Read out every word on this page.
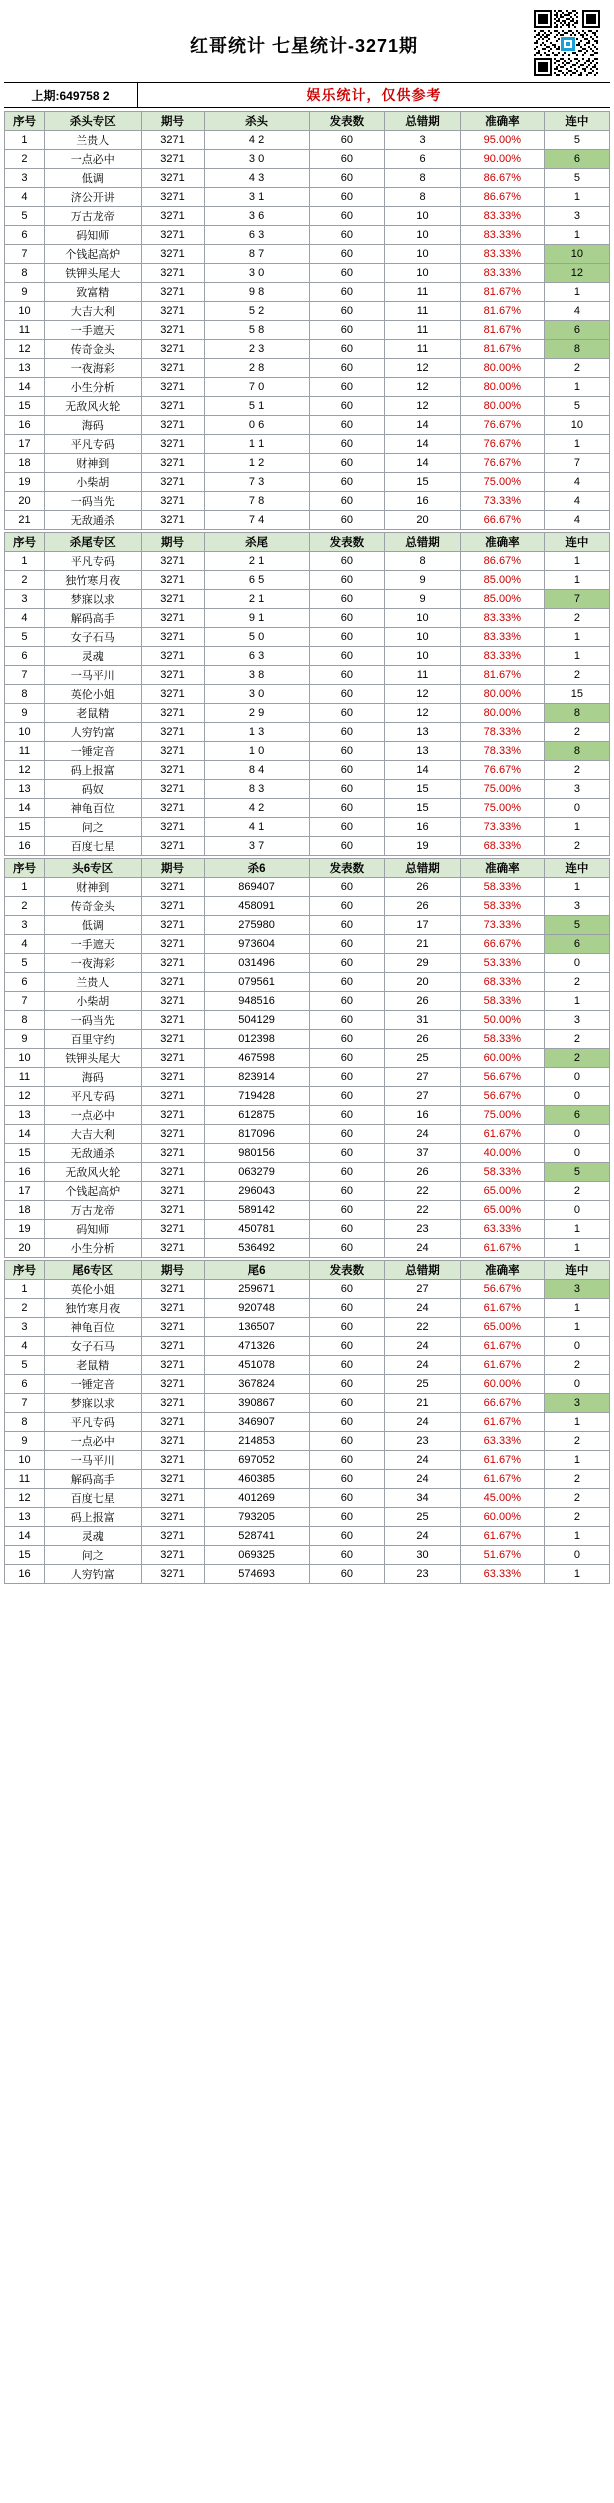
红哥统计 七星统计-3271期
上期:649758 2	娱乐统计，仅供参考
序号	杀头专区	期号	杀头	发表数	总错期	准确率	连中
1	兰贵人	3271	4 2	60	3	95.00%	5
2	一点必中	3271	3 0	60	6	90.00%	6
3	低调	3271	4 3	60	8	86.67%	5
4	济公开讲	3271	3 1	60	8	86.67%	1
5	万古龙帝	3271	3 6	60	10	83.33%	3
6	码知师	3271	6 3	60	10	83.33%	1
7	个钱起高炉	3271	8 7	60	10	83.33%	10
8	铁钾头尾大	3271	3 0	60	10	83.33%	12
9	致富精	3271	9 8	60	11	81.67%	1
10	大吉大利	3271	5 2	60	11	81.67%	4
11	一手遮天	3271	5 8	60	11	81.67%	6
12	传奇金头	3271	2 3	60	11	81.67%	8
13	一夜海彩	3271	2 8	60	12	80.00%	2
14	小生分析	3271	7 0	60	12	80.00%	1
15	无敌风火轮	3271	5 1	60	12	80.00%	5
16	海码	3271	0 6	60	14	76.67%	10
17	平凡专码	3271	1 1	60	14	76.67%	1
18	财神到	3271	1 2	60	14	76.67%	7
19	小柴胡	3271	7 3	60	15	75.00%	4
20	一码当先	3271	7 8	60	16	73.33%	4
21	无敌通杀	3271	7 4	60	20	66.67%	4
序号	杀尾专区	期号	杀尾	发表数	总错期	准确率	连中
1	平凡专码	3271	2 1	60	8	86.67%	1
2	独竹寒月夜	3271	6 5	60	9	85.00%	1
3	梦寐以求	3271	2 1	60	9	85.00%	7
4	解码高手	3271	9 1	60	10	83.33%	2
5	女子石马	3271	5 0	60	10	83.33%	1
6	灵魂	3271	6 3	60	10	83.33%	1
7	一马平川	3271	3 8	60	11	81.67%	2
8	英伦小姐	3271	3 0	60	12	80.00%	15
9	老鼠精	3271	2 9	60	12	80.00%	8
10	人穷钓富	3271	1 3	60	13	78.33%	2
11	一锤定音	3271	1 0	60	13	78.33%	8
12	码上报富	3271	8 4	60	14	76.67%	2
13	码奴	3271	8 3	60	15	75.00%	3
14	神龟百位	3271	4 2	60	15	75.00%	0
15	问之	3271	4 1	60	16	73.33%	1
16	百度七星	3271	3 7	60	19	68.33%	2
序号	头6专区	期号	杀6	发表数	总错期	准确率	连中
1	财神到	3271	869407	60	26	58.33%	1
2	传奇金头	3271	458091	60	26	58.33%	3
3	低调	3271	275980	60	17	73.33%	5
4	一手遮天	3271	973604	60	21	66.67%	6
5	一夜海彩	3271	031496	60	29	53.33%	0
6	兰贵人	3271	079561	60	20	68.33%	2
7	小柴胡	3271	948516	60	26	58.33%	1
8	一码当先	3271	504129	60	31	50.00%	3
9	百里守约	3271	012398	60	26	58.33%	2
10	铁钾头尾大	3271	467598	60	25	60.00%	2
11	海码	3271	823914	60	27	56.67%	0
12	平凡专码	3271	719428	60	27	56.67%	0
13	一点必中	3271	612875	60	16	75.00%	6
14	大吉大利	3271	817096	60	24	61.67%	0
15	无敌通杀	3271	980156	60	37	40.00%	0
16	无敌风火轮	3271	063279	60	26	58.33%	5
17	个钱起高炉	3271	296043	60	22	65.00%	2
18	万古龙帝	3271	589142	60	22	65.00%	0
19	码知师	3271	450781	60	23	63.33%	1
20	小生分析	3271	536492	60	24	61.67%	1
序号	尾6专区	期号	尾6	发表数	总错期	准确率	连中
1	英伦小姐	3271	259671	60	27	56.67%	3
2	独竹寒月夜	3271	920748	60	24	61.67%	1
3	神龟百位	3271	136507	60	22	65.00%	1
4	女子石马	3271	471326	60	24	61.67%	0
5	老鼠精	3271	451078	60	24	61.67%	2
6	一锤定音	3271	367824	60	25	60.00%	0
7	梦寐以求	3271	390867	60	21	66.67%	3
8	平凡专码	3271	346907	60	24	61.67%	1
9	一点必中	3271	214853	60	23	63.33%	2
10	一马平川	3271	697052	60	24	61.67%	1
11	解码高手	3271	460385	60	24	61.67%	2
12	百度七星	3271	401269	60	34	45.00%	2
13	码上报富	3271	793205	60	25	60.00%	2
14	灵魂	3271	528741	60	24	61.67%	1
15	问之	3271	069325	60	30	51.67%	0
16	人穷钓富	3271	574693	60	23	63.33%	1
